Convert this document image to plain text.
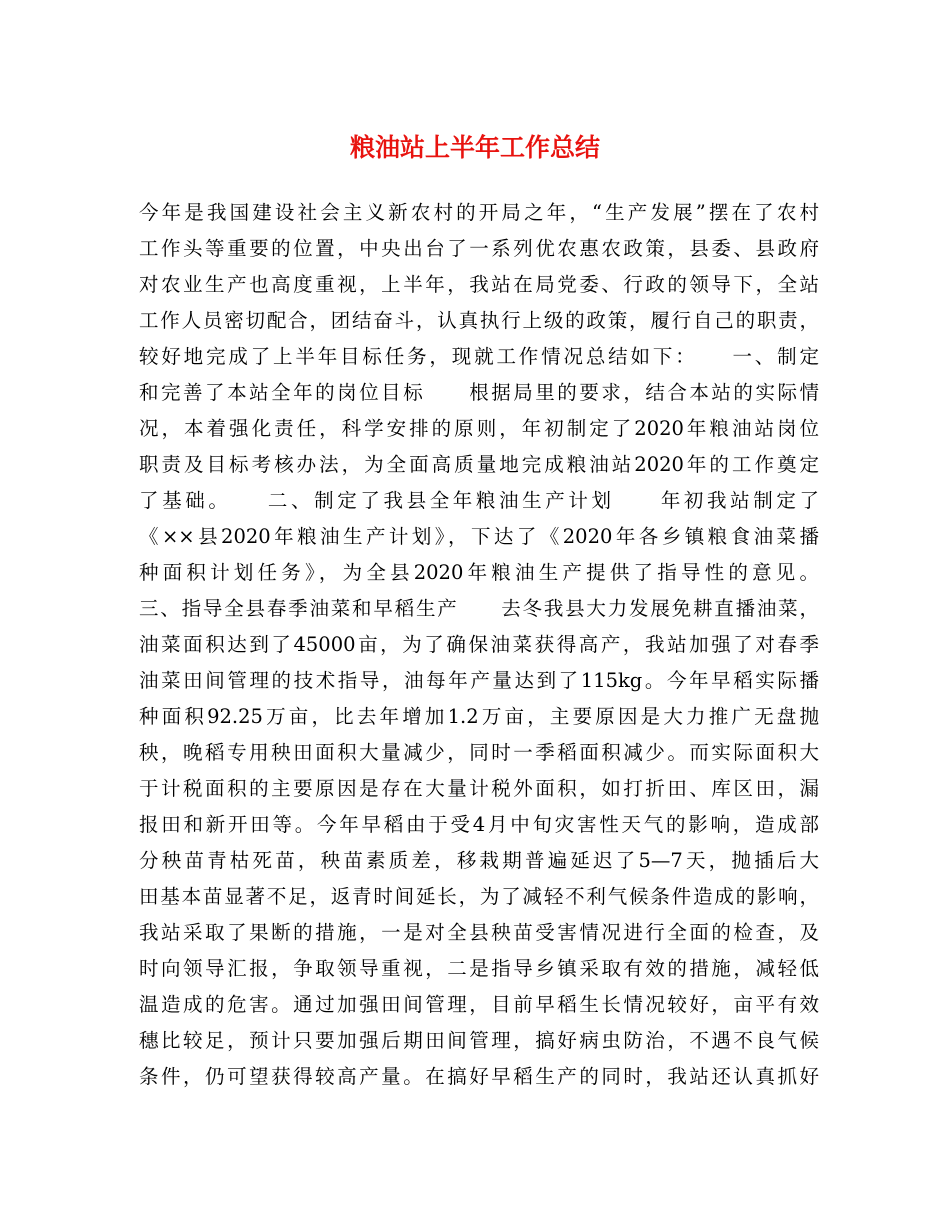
粮油站上半年工作总结
今年是我国建设社会主义新农村的开局之年，“生产发展”摆在了农村
工作头等重要的位置，中央出台了一系列优农惠农政策，县委、县政府
对农业生产也高度重视，上半年，我站在局党委、行政的领导下，全站
工作人员密切配合，团结奋斗，认真执行上级的政策，履行自己的职责，
较好地完成了上半年目标任务，现就工作情况总结如下：　　一、制定
和完善了本站全年的岗位目标　　根据局里的要求，结合本站的实际情
况，本着强化责任，科学安排的原则，年初制定了2020年粮油站岗位
职责及目标考核办法，为全面高质量地完成粮油站2020年的工作奠定
了基础。　　二、制定了我县全年粮油生产计划　　年初我站制定了
《××县2020年粮油生产计划》，下达了《2020年各乡镇粮食油菜播
种面积计划任务》，为全县2020年粮油生产提供了指导性的意见。
三、指导全县春季油菜和早稻生产　　去冬我县大力发展免耕直播油菜，
油菜面积达到了45000亩，为了确保油菜获得高产，我站加强了对春季
油菜田间管理的技术指导，油每年产量达到了115kg。今年早稻实际播
种面积92.25万亩，比去年增加1.2万亩，主要原因是大力推广无盘抛
秧，晚稻专用秧田面积大量减少，同时一季稻面积减少。而实际面积大
于计税面积的主要原因是存在大量计税外面积，如打折田、库区田，漏
报田和新开田等。今年早稻由于受4月中旬灾害性天气的影响，造成部
分秧苗青枯死苗，秧苗素质差，移栽期普遍延迟了5—7天，抛插后大
田基本苗显著不足，返青时间延长，为了减轻不利气候条件造成的影响，
我站采取了果断的措施，一是对全县秧苗受害情况进行全面的检查，及
时向领导汇报，争取领导重视，二是指导乡镇采取有效的措施，减轻低
温造成的危害。通过加强田间管理，目前早稻生长情况较好，亩平有效
穗比较足，预计只要加强后期田间管理，搞好病虫防治，不遇不良气候
条件，仍可望获得较高产量。在搞好早稻生产的同时，我站还认真抓好
